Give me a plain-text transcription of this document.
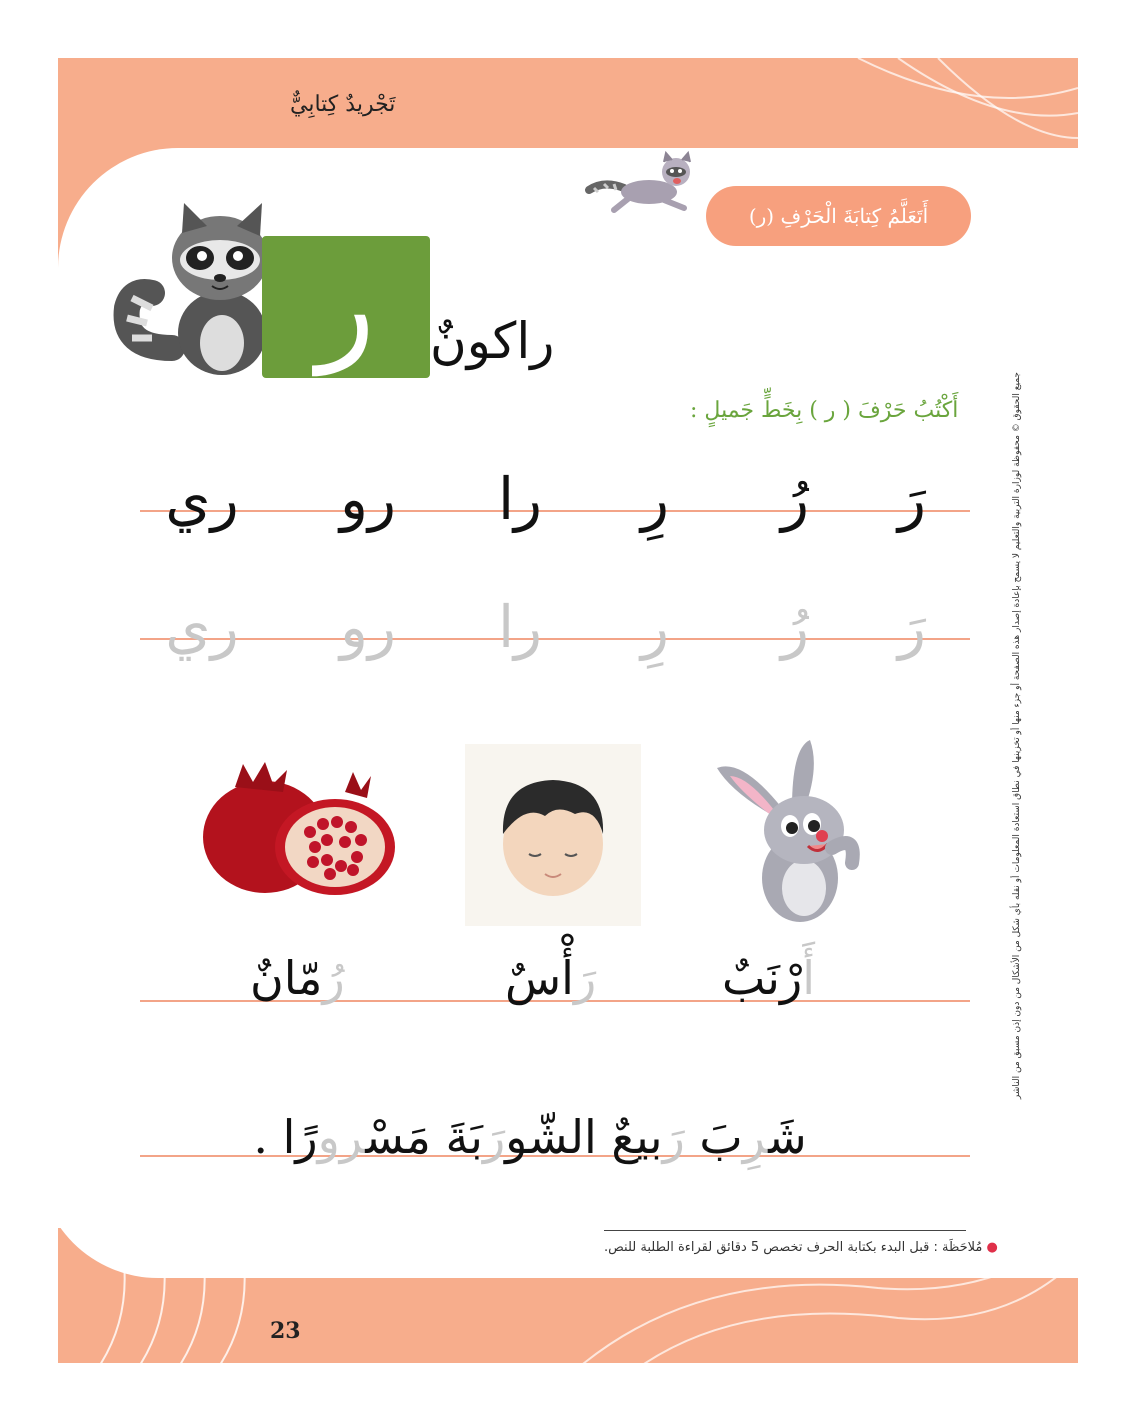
تَجْريدٌ كِتابِيٌّ
أَتَعَلَّمُ كِتابَةَ الْحَرْفِ (ر)
ر راكونٌ
أَكْتُبُ حَرْفَ ( ر ) بِخَطٍّ جَميلٍ :
رَ
رُ
رِ
را
رو
ري
رَ
رُ
رِ
را
رو
ري
أَرْنَبٌ
رَأْسٌ
رُمّانٌ
شَرِبَ رَبيعٌ الشّورَبَةَ مَسْرورًا .
● مُلاحَظَة : قبل البدء بكتابة الحرف تخصص 5 دقائق لقراءة الطلبة للنص.
23
جميع الحقوق © محفوظة لوزارة التربية والتعليم لا يسمح بإعادة إصدار هذه الصفحة أو جزء منها أو تخزينها في نطاق استعادة المعلومات أو نقله بأي شكل من الأشكال من دون إذن مسبق من الناشر
